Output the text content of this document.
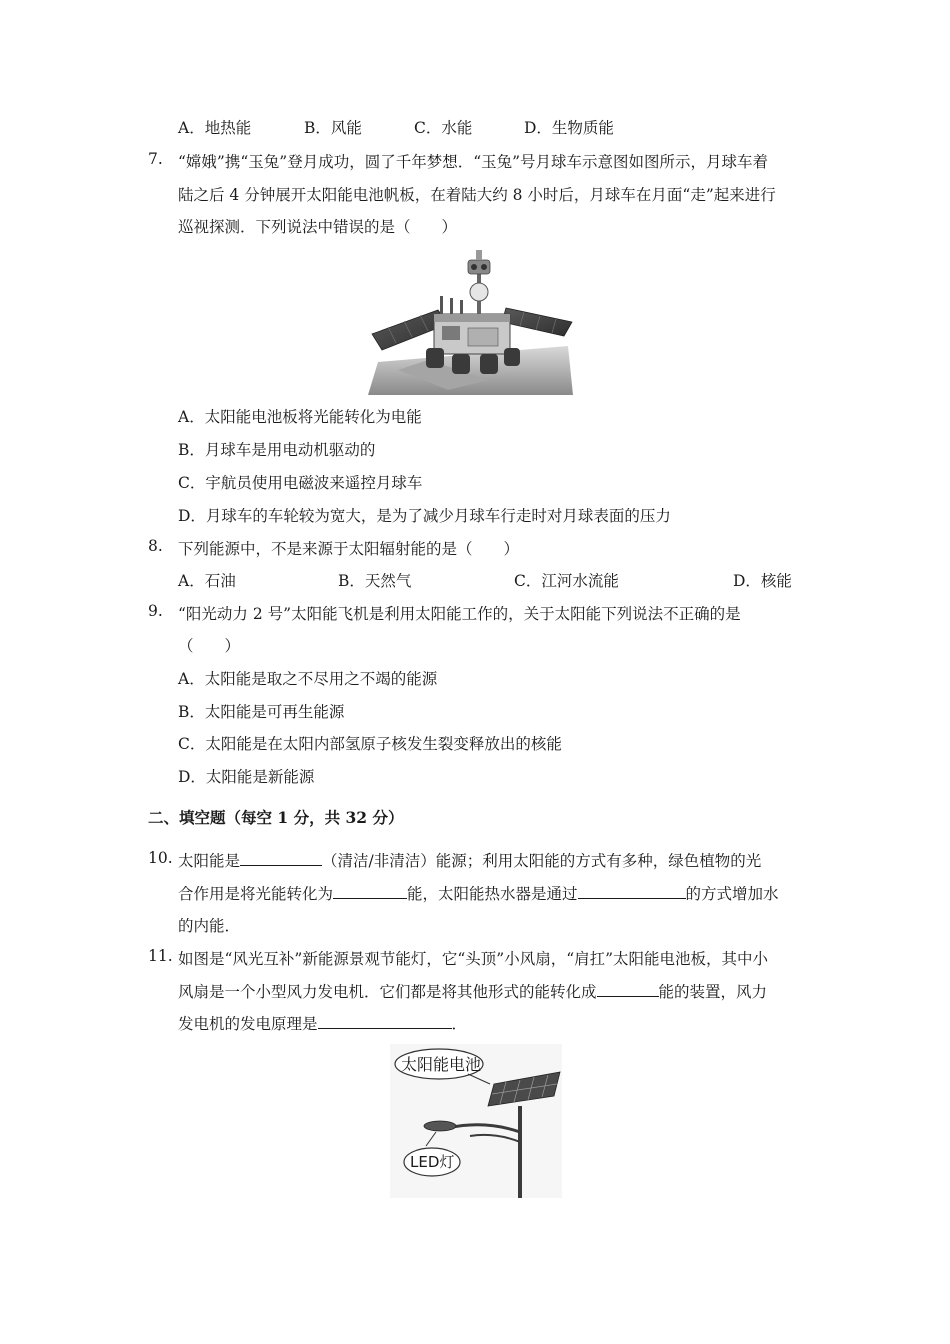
A．地热能	B．风能	C．水能	D．生物质能
7. “嫦娥”携“玉兔”登月成功，圆了千年梦想．“玉兔”号月球车示意图如图所示，月球车着
陆之后 4 分钟展开太阳能电池帆板，在着陆大约 8 小时后，月球车在月面“走”起来进行
巡视探测．下列说法中错误的是（　　）
A．太阳能电池板将光能转化为电能
B．月球车是用电动机驱动的
C．宇航员使用电磁波来遥控月球车
D．月球车的车轮较为宽大，是为了减少月球车行走时对月球表面的压力
8. 下列能源中，不是来源于太阳辐射能的是（　　）
A．石油	B．天然气	C．江河水流能	D．核能
9. “阳光动力 2 号”太阳能飞机是利用太阳能工作的，关于太阳能下列说法不正确的是
（　　）
A．太阳能是取之不尽用之不竭的能源
B．太阳能是可再生能源
C．太阳能是在太阳内部氢原子核发生裂变释放出的核能
D．太阳能是新能源
二、填空题（每空 1 分，共 32 分）
10. 太阳能是	（清洁/非清洁）能源；利用太阳能的方式有多种，绿色植物的光
合作用是将光能转化为	能，太阳能热水器是通过	的方式增加水
的内能．
11. 如图是“风光互补”新能源景观节能灯，它“头顶”小风扇，“肩扛”太阳能电池板，其中小
风扇是一个小型风力发电机．它们都是将其他形式的能转化成	能的装置，风力
发电机的发电原理是	．
太阳能电池
LED灯
